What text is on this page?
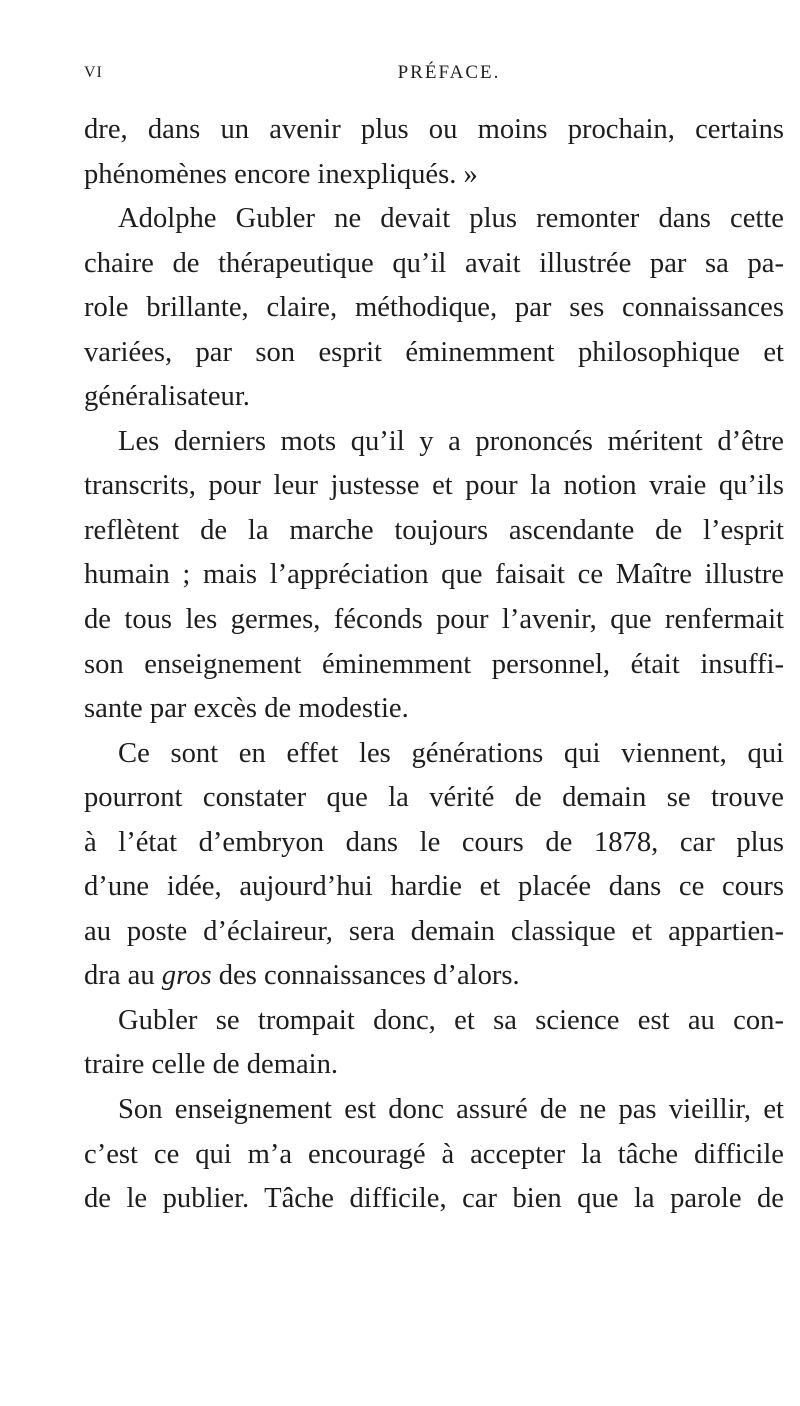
VI	PRÉFACE.
dre, dans un avenir plus ou moins prochain, certains
phénomènes encore inexpliqués. »
Adolphe Gubler ne devait plus remonter dans cette
chaire de thérapeutique qu’il avait illustrée par sa pa-
role brillante, claire, méthodique, par ses connaissances
variées, par son esprit éminemment philosophique et
généralisateur.
Les derniers mots qu’il y a prononcés méritent d’être
transcrits, pour leur justesse et pour la notion vraie qu’ils
reflètent de la marche toujours ascendante de l’esprit
humain ; mais l’appréciation que faisait ce Maître illustre
de tous les germes, féconds pour l’avenir, que renfermait
son enseignement éminemment personnel, était insuffi-
sante par excès de modestie.
Ce sont en effet les générations qui viennent, qui
pourront constater que la vérité de demain se trouve
à l’état d’embryon dans le cours de 1878, car plus
d’une idée, aujourd’hui hardie et placée dans ce cours
au poste d’éclaireur, sera demain classique et appartien-
dra au gros des connaissances d’alors.
Gubler se trompait donc, et sa science est au con-
traire celle de demain.
Son enseignement est donc assuré de ne pas vieillir, et
c’est ce qui m’a encouragé à accepter la tâche difficile
de le publier. Tâche difficile, car bien que la parole de
